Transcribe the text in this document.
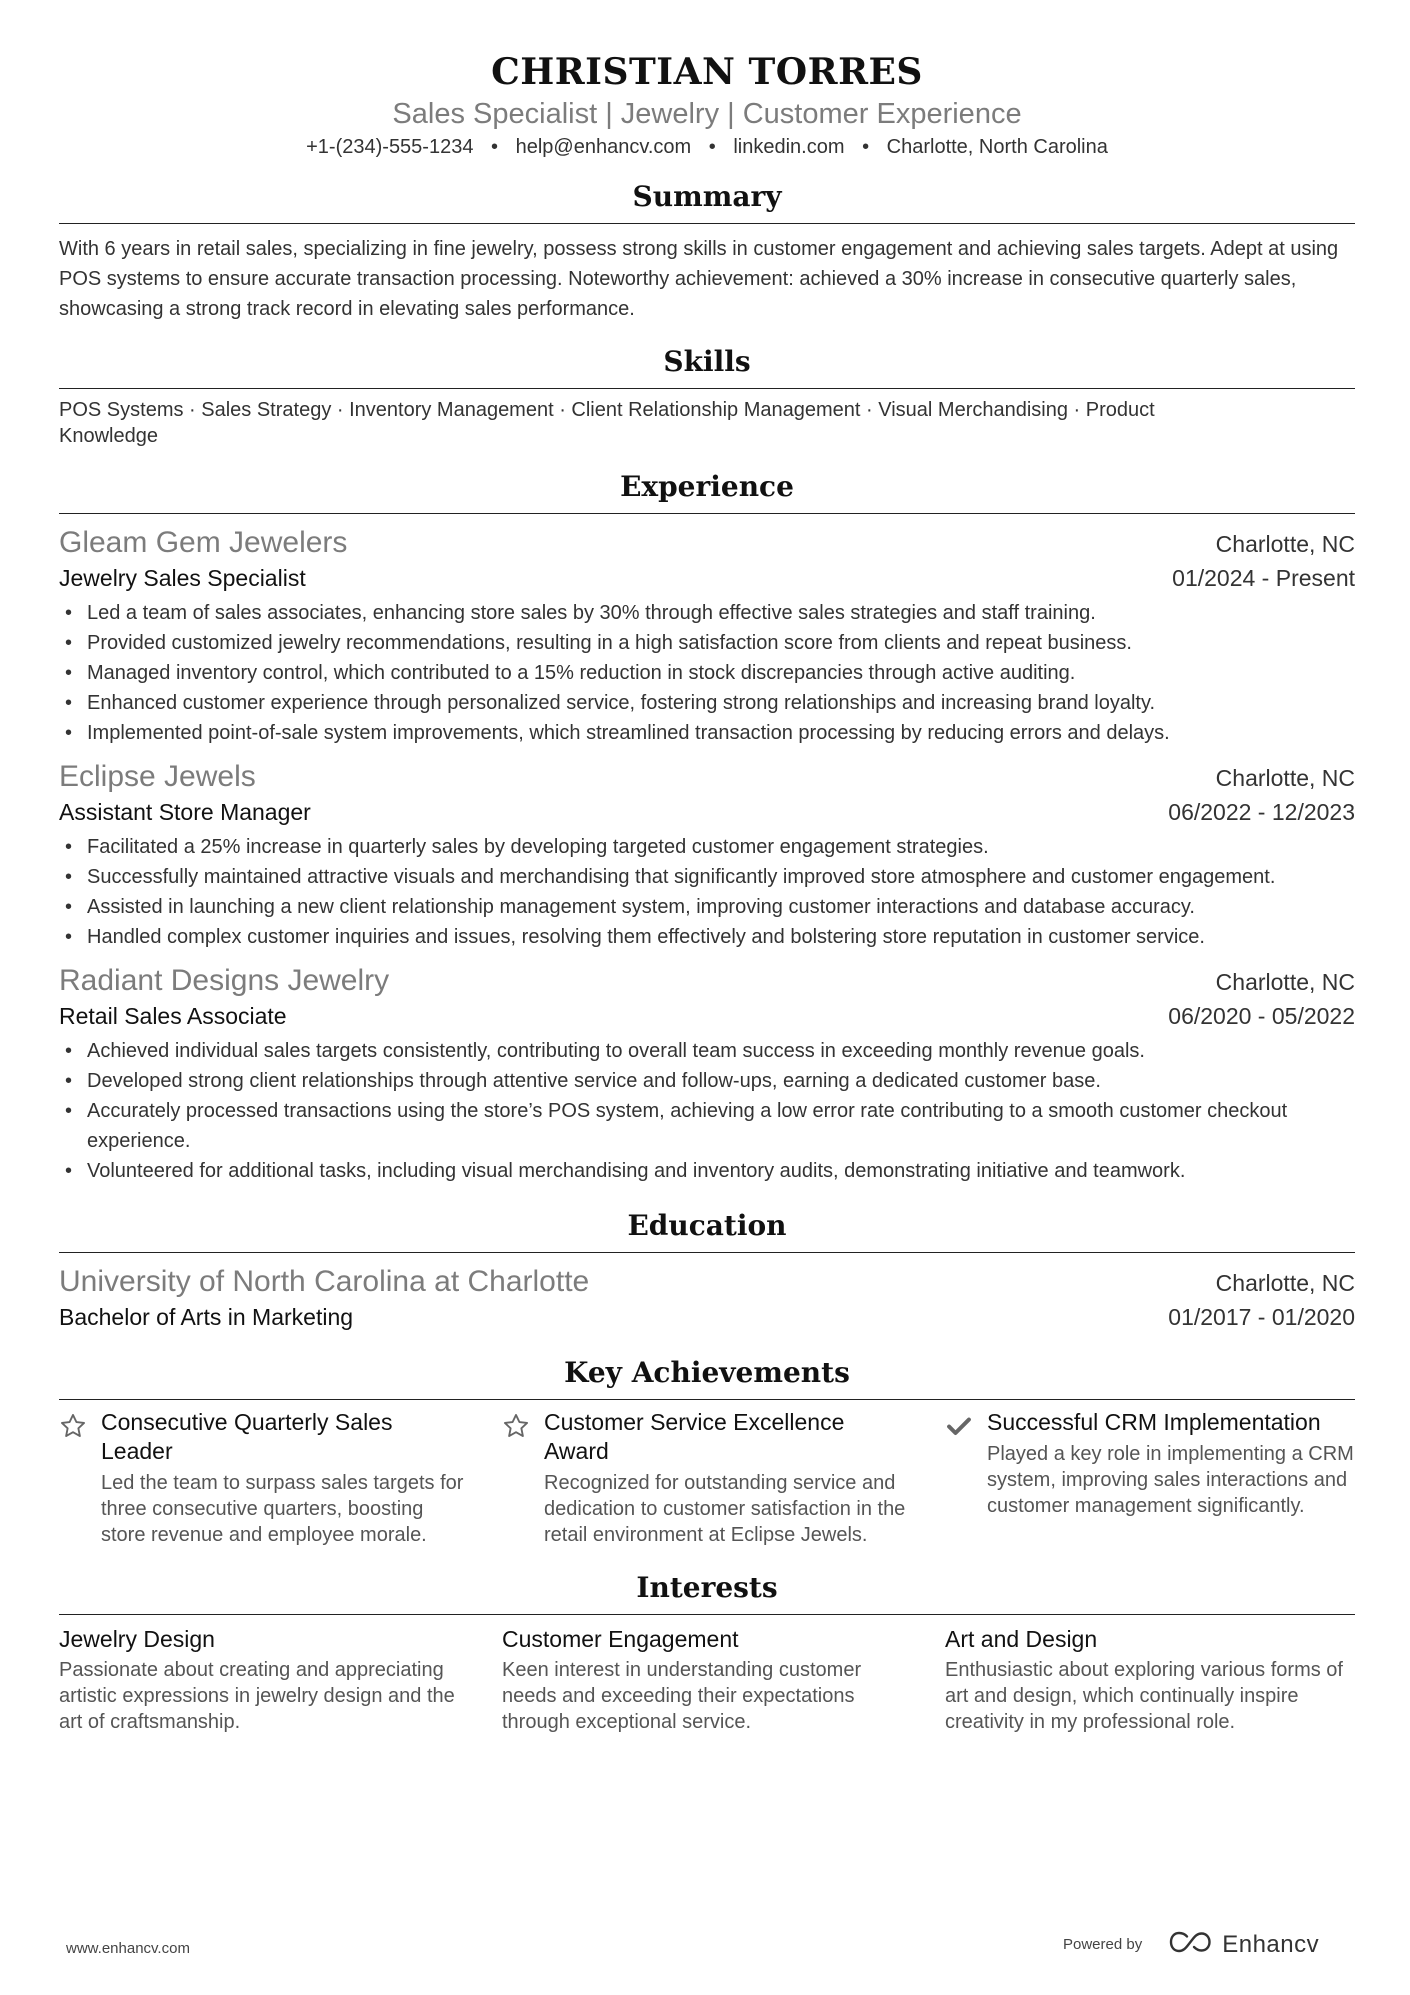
CHRISTIAN TORRES
Sales Specialist | Jewelry | Customer Experience
+1-(234)-555-1234 • help@enhancv.com • linkedin.com • Charlotte, North Carolina
Summary
With 6 years in retail sales, specializing in fine jewelry, possess strong skills in customer engagement and achieving sales targets. Adept at using POS systems to ensure accurate transaction processing. Noteworthy achievement: achieved a 30% increase in consecutive quarterly sales, showcasing a strong track record in elevating sales performance.
Skills
POS Systems · Sales Strategy · Inventory Management · Client Relationship Management · Visual Merchandising · Product Knowledge
Experience
Gleam Gem Jewelers	Charlotte, NC
Jewelry Sales Specialist	01/2024 - Present
• Led a team of sales associates, enhancing store sales by 30% through effective sales strategies and staff training.
• Provided customized jewelry recommendations, resulting in a high satisfaction score from clients and repeat business.
• Managed inventory control, which contributed to a 15% reduction in stock discrepancies through active auditing.
• Enhanced customer experience through personalized service, fostering strong relationships and increasing brand loyalty.
• Implemented point-of-sale system improvements, which streamlined transaction processing by reducing errors and delays.
Eclipse Jewels	Charlotte, NC
Assistant Store Manager	06/2022 - 12/2023
• Facilitated a 25% increase in quarterly sales by developing targeted customer engagement strategies.
• Successfully maintained attractive visuals and merchandising that significantly improved store atmosphere and customer engagement.
• Assisted in launching a new client relationship management system, improving customer interactions and database accuracy.
• Handled complex customer inquiries and issues, resolving them effectively and bolstering store reputation in customer service.
Radiant Designs Jewelry	Charlotte, NC
Retail Sales Associate	06/2020 - 05/2022
• Achieved individual sales targets consistently, contributing to overall team success in exceeding monthly revenue goals.
• Developed strong client relationships through attentive service and follow-ups, earning a dedicated customer base.
• Accurately processed transactions using the store’s POS system, achieving a low error rate contributing to a smooth customer checkout experience.
• Volunteered for additional tasks, including visual merchandising and inventory audits, demonstrating initiative and teamwork.
Education
University of North Carolina at Charlotte	Charlotte, NC
Bachelor of Arts in Marketing	01/2017 - 01/2020
Key Achievements
Consecutive Quarterly Sales Leader
Led the team to surpass sales targets for three consecutive quarters, boosting store revenue and employee morale.
Customer Service Excellence Award
Recognized for outstanding service and dedication to customer satisfaction in the retail environment at Eclipse Jewels.
Successful CRM Implementation
Played a key role in implementing a CRM system, improving sales interactions and customer management significantly.
Interests
Jewelry Design
Passionate about creating and appreciating artistic expressions in jewelry design and the art of craftsmanship.
Customer Engagement
Keen interest in understanding customer needs and exceeding their expectations through exceptional service.
Art and Design
Enthusiastic about exploring various forms of art and design, which continually inspire creativity in my professional role.
www.enhancv.com	Powered by	Enhancv
